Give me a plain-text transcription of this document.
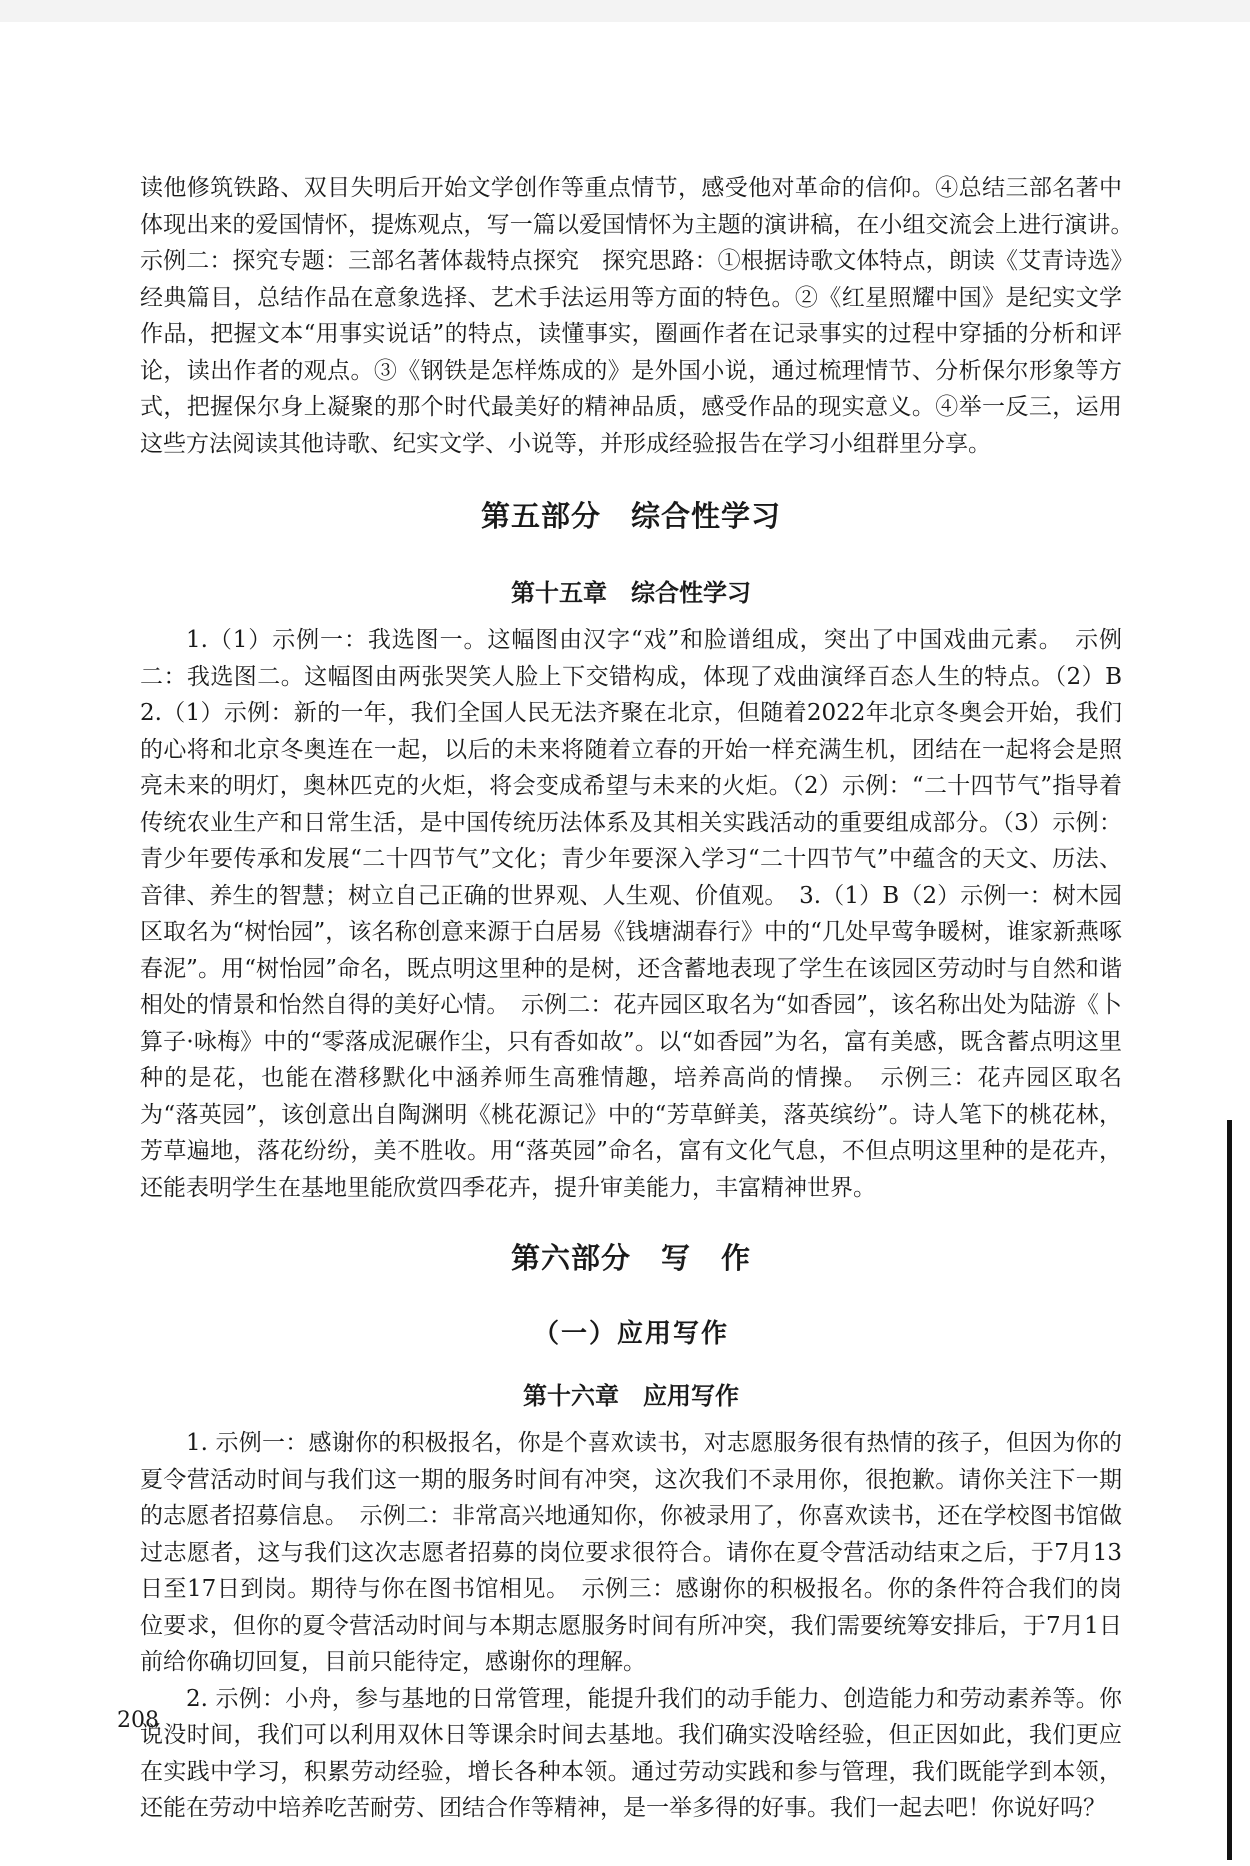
读他修筑铁路、双目失明后开始文学创作等重点情节，感受他对革命的信仰。④总结三部名著中体现出来的爱国情怀，提炼观点，写一篇以爱国情怀为主题的演讲稿，在小组交流会上进行演讲。　示例二：探究专题：三部名著体裁特点探究　探究思路：①根据诗歌文体特点，朗读《艾青诗选》经典篇目，总结作品在意象选择、艺术手法运用等方面的特色。②《红星照耀中国》是纪实文学作品，把握文本“用事实说话”的特点，读懂事实，圈画作者在记录事实的过程中穿插的分析和评论，读出作者的观点。③《钢铁是怎样炼成的》是外国小说，通过梳理情节、分析保尔形象等方式，把握保尔身上凝聚的那个时代最美好的精神品质，感受作品的现实意义。④举一反三，运用这些方法阅读其他诗歌、纪实文学、小说等，并形成经验报告在学习小组群里分享。

第五部分　综合性学习
第十五章　综合性学习

1.（1）示例一：我选图一。这幅图由汉字“戏”和脸谱组成，突出了中国戏曲元素。　示例二：我选图二。这幅图由两张哭笑人脸上下交错构成，体现了戏曲演绎百态人生的特点。（2）B　2.（1）示例：新的一年，我们全国人民无法齐聚在北京，但随着2022年北京冬奥会开始，我们的心将和北京冬奥连在一起，以后的未来将随着立春的开始一样充满生机，团结在一起将会是照亮未来的明灯，奥林匹克的火炬，将会变成希望与未来的火炬。（2）示例：“二十四节气”指导着传统农业生产和日常生活，是中国传统历法体系及其相关实践活动的重要组成部分。（3）示例：青少年要传承和发展“二十四节气”文化；青少年要深入学习“二十四节气”中蕴含的天文、历法、音律、养生的智慧；树立自己正确的世界观、人生观、价值观。　3.（1）B（2）示例一：树木园区取名为“树怡园”，该名称创意来源于白居易《钱塘湖春行》中的“几处早莺争暖树，谁家新燕啄春泥”。用“树怡园”命名，既点明这里种的是树，还含蓄地表现了学生在该园区劳动时与自然和谐相处的情景和怡然自得的美好心情。　示例二：花卉园区取名为“如香园”，该名称出处为陆游《卜算子·咏梅》中的“零落成泥碾作尘，只有香如故”。以“如香园”为名，富有美感，既含蓄点明这里种的是花，也能在潜移默化中涵养师生高雅情趣，培养高尚的情操。　示例三：花卉园区取名为“落英园”，该创意出自陶渊明《桃花源记》中的“芳草鲜美，落英缤纷”。诗人笔下的桃花林，芳草遍地，落花纷纷，美不胜收。用“落英园”命名，富有文化气息，不但点明这里种的是花卉，还能表明学生在基地里能欣赏四季花卉，提升审美能力，丰富精神世界。

第六部分　写　作
（一）应用写作
第十六章　应用写作

1. 示例一：感谢你的积极报名，你是个喜欢读书，对志愿服务很有热情的孩子，但因为你的夏令营活动时间与我们这一期的服务时间有冲突，这次我们不录用你，很抱歉。请你关注下一期的志愿者招募信息。　示例二：非常高兴地通知你，你被录用了，你喜欢读书，还在学校图书馆做过志愿者，这与我们这次志愿者招募的岗位要求很符合。请你在夏令营活动结束之后，于7月13日至17日到岗。期待与你在图书馆相见。　示例三：感谢你的积极报名。你的条件符合我们的岗位要求，但你的夏令营活动时间与本期志愿服务时间有所冲突，我们需要统筹安排后，于7月1日前给你确切回复，目前只能待定，感谢你的理解。

2. 示例：小舟，参与基地的日常管理，能提升我们的动手能力、创造能力和劳动素养等。你说没时间，我们可以利用双休日等课余时间去基地。我们确实没啥经验，但正因如此，我们更应在实践中学习，积累劳动经验，增长各种本领。通过劳动实践和参与管理，我们既能学到本领，还能在劳动中培养吃苦耐劳、团结合作等精神，是一举多得的好事。我们一起去吧！你说好吗？

208
